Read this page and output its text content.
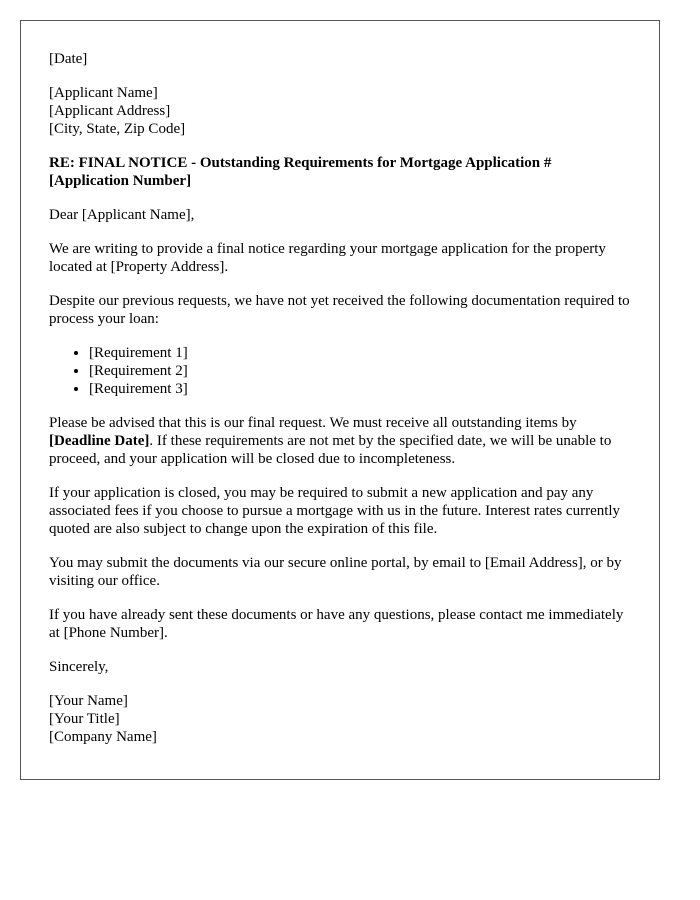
[Date]
[Applicant Name]
[Applicant Address]
[City, State, Zip Code]
RE: FINAL NOTICE - Outstanding Requirements for Mortgage Application # [Application Number]

Dear [Applicant Name],

We are writing to provide a final notice regarding your mortgage application for the property located at [Property Address].

Despite our previous requests, we have not yet received the following documentation required to process your loan:

• [Requirement 1]
• [Requirement 2]
• [Requirement 3]

Please be advised that this is our final request. We must receive all outstanding items by [Deadline Date]. If these requirements are not met by the specified date, we will be unable to proceed, and your application will be closed due to incompleteness.

If your application is closed, you may be required to submit a new application and pay any associated fees if you choose to pursue a mortgage with us in the future. Interest rates currently quoted are also subject to change upon the expiration of this file.

You may submit the documents via our secure online portal, by email to [Email Address], or by visiting our office.

If you have already sent these documents or have any questions, please contact me immediately at [Phone Number].

Sincerely,

[Your Name]
[Your Title]
[Company Name]
